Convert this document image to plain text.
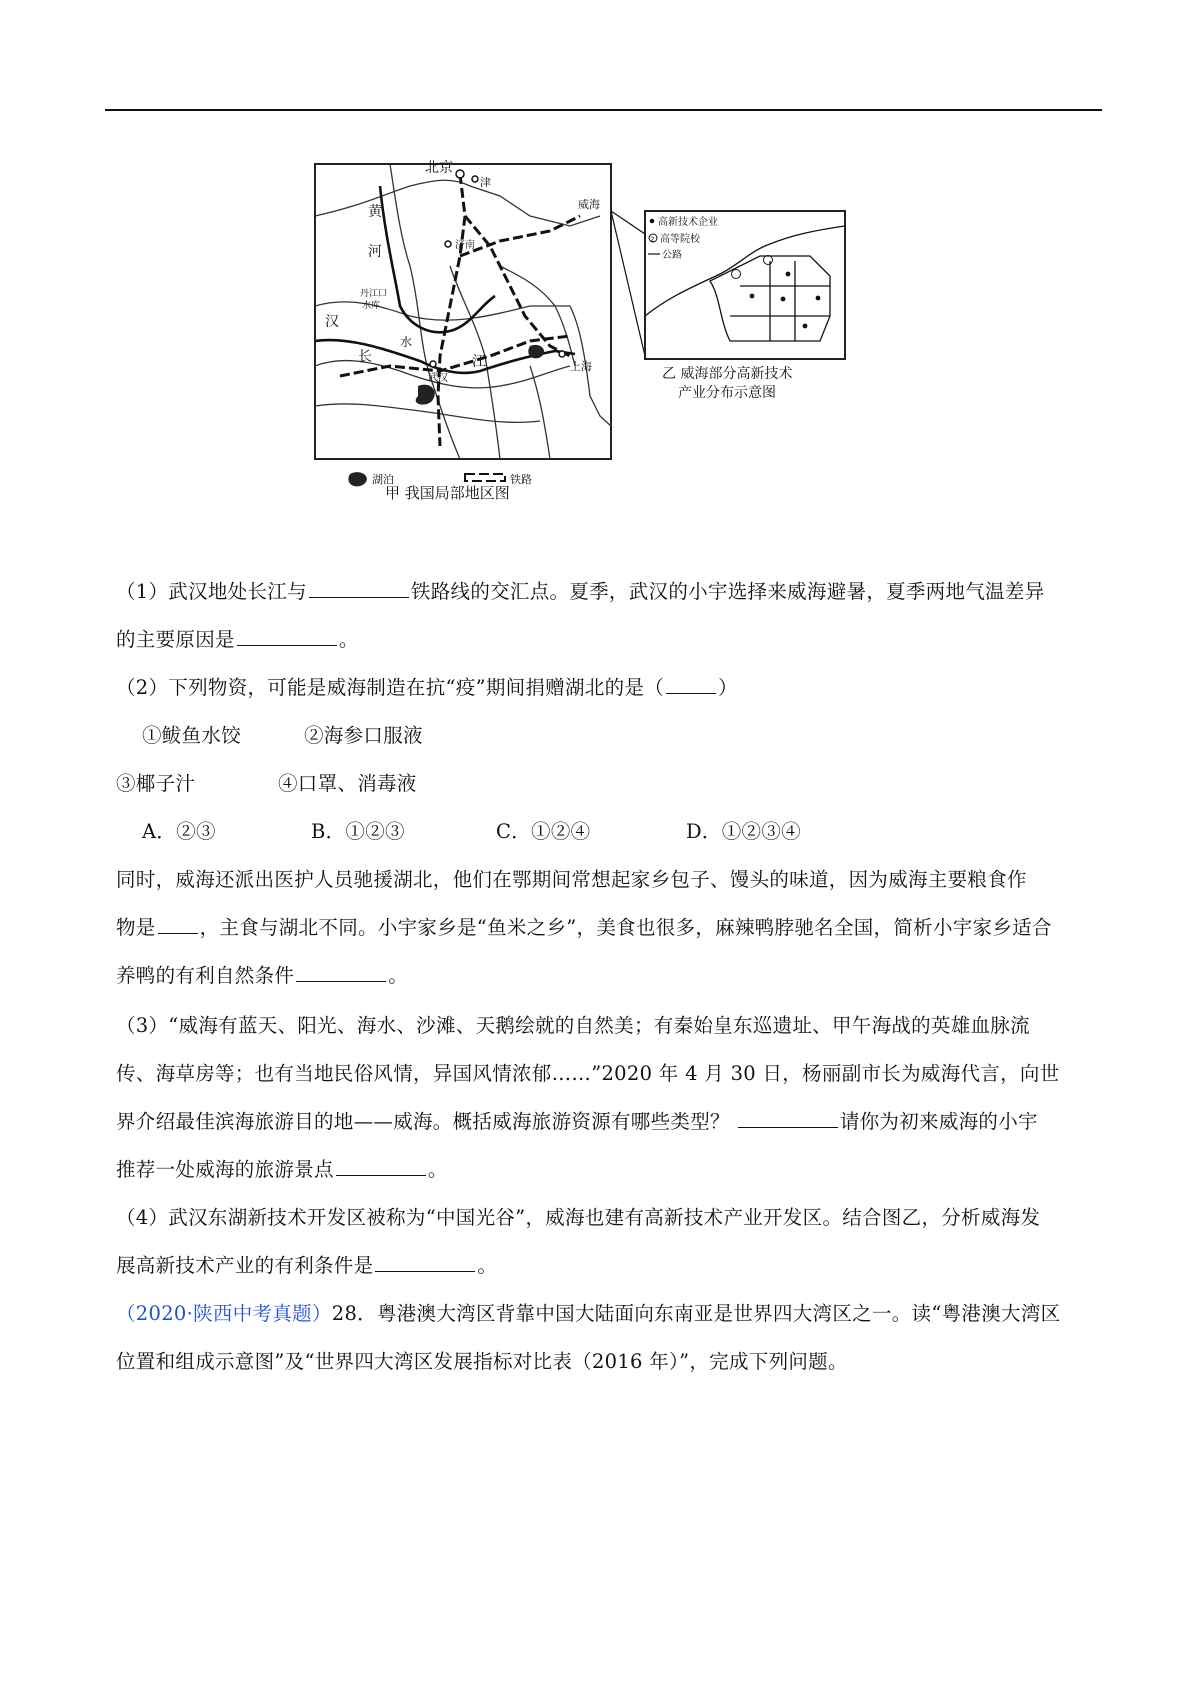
北京
津
威海
黄
河	济南
丹江口
水库
汉
长
水
武汉
江	上海
湖泊	铁路
甲 我国局部地区图
高新技术企业
2 高等院校
公路
乙 威海部分高新技术
产业分布示意图
（1）武汉地处长江与	铁路线的交汇点。夏季，武汉的小宇选择来威海避暑，夏季两地气温差异
的主要原因是	。
（2）下列物资，可能是威海制造在抗“疫”期间捐赠湖北的是（	）
①鲅鱼水饺	②海参口服液
③椰子汁	④口罩、消毒液
A．②③	B．①②③	C．①②④	D．①②③④
同时，威海还派出医护人员驰援湖北，他们在鄂期间常想起家乡包子、馒头的味道，因为威海主要粮食作
物是 ，主食与湖北不同。小宇家乡是“鱼米之乡”，美食也很多，麻辣鸭脖驰名全国，简析小宇家乡适合
养鸭的有利自然条件	。
（3）“威海有蓝天、阳光、海水、沙滩、天鹅绘就的自然美；有秦始皇东巡遗址、甲午海战的英雄血脉流
传、海草房等；也有当地民俗风情，异国风情浓郁……”2020 年 4 月 30 日，杨丽副市长为威海代言，向世
界介绍最佳滨海旅游目的地——威海。概括威海旅游资源有哪些类型？	请你为初来威海的小宇
推荐一处威海的旅游景点	。
（4）武汉东湖新技术开发区被称为“中国光谷”，威海也建有高新技术产业开发区。结合图乙，分析威海发
展高新技术产业的有利条件是	。
（2020·陕西中考真题）28．粤港澳大湾区背靠中国大陆面向东南亚是世界四大湾区之一。读“粤港澳大湾区
位置和组成示意图”及“世界四大湾区发展指标对比表（2016 年）”，完成下列问题。
